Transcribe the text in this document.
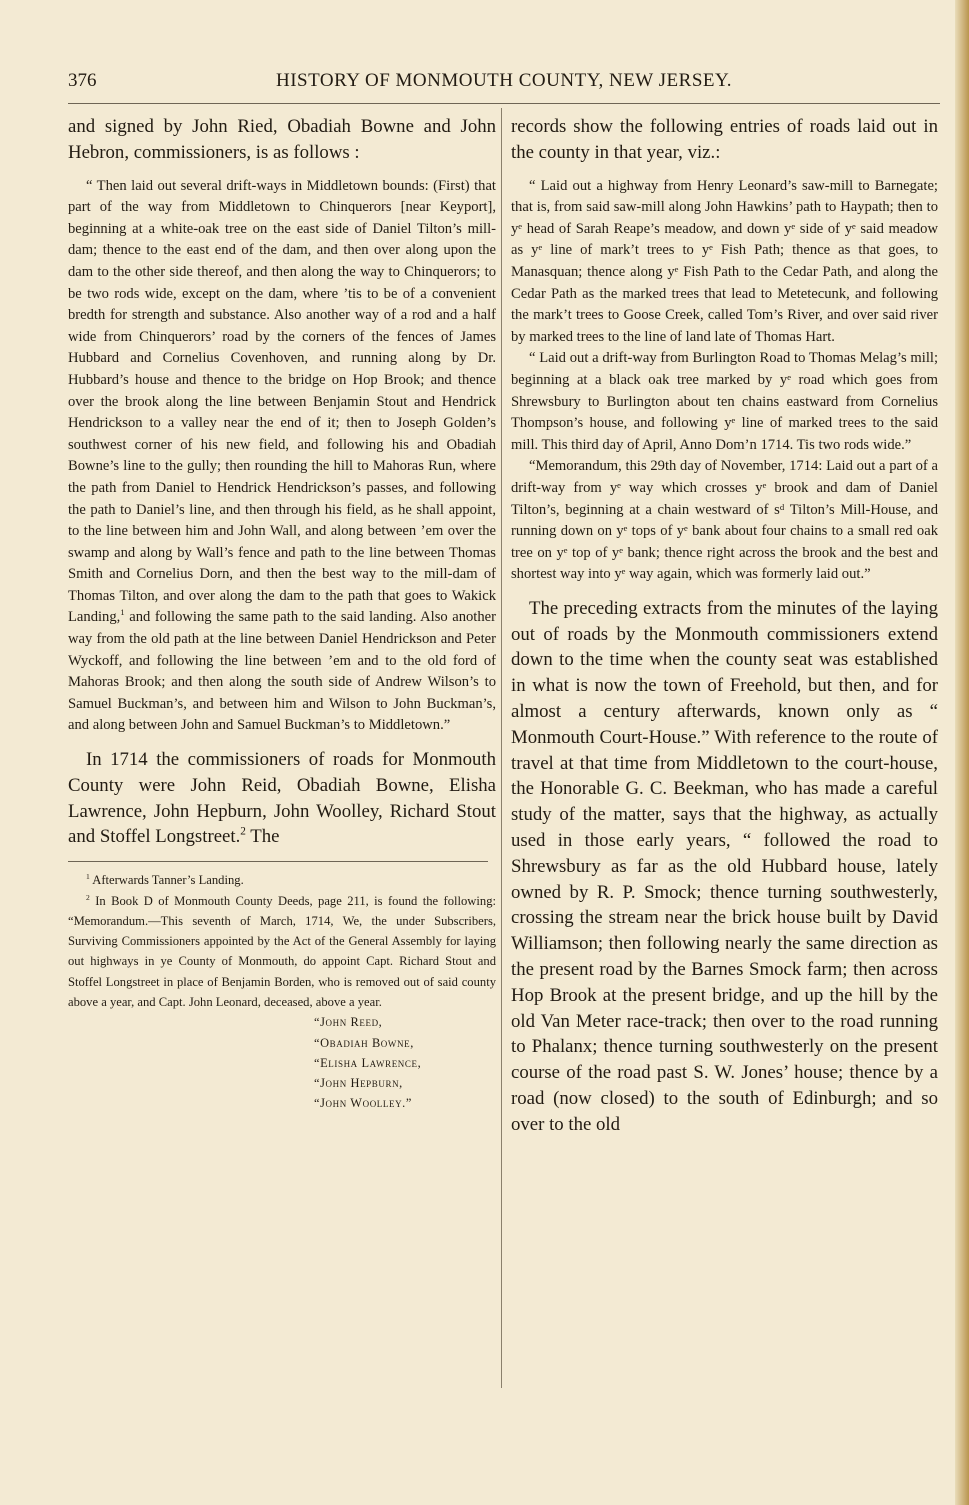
376	HISTORY OF MONMOUTH COUNTY, NEW JERSEY.

and signed by John Ried, Obadiah Bowne and John Hebron, commissioners, is as follows :

“ Then laid out several drift-ways in Middletown bounds: (First) that part of the way from Middletown to Chinquerors [near Keyport], beginning at a white-oak tree on the east side of Daniel Tilton’s mill-dam; thence to the east end of the dam, and then over along upon the dam to the other side thereof, and then along the way to Chinquerors; to be two rods wide, except on the dam, where ’tis to be of a convenient bredth for strength and substance. Also another way of a rod and a half wide from Chinquerors’ road by the corners of the fences of James Hubbard and Cornelius Covenhoven, and running along by Dr. Hubbard’s house and thence to the bridge on Hop Brook; and thence over the brook along the line between Benjamin Stout and Hendrick Hendrickson to a valley near the end of it; then to Joseph Golden’s southwest corner of his new field, and following his and Obadiah Bowne’s line to the gully; then rounding the hill to Mahoras Run, where the path from Daniel to Hendrick Hendrickson’s passes, and following the path to Daniel’s line, and then through his field, as he shall appoint, to the line between him and John Wall, and along between ’em over the swamp and along by Wall’s fence and path to the line between Thomas Smith and Cornelius Dorn, and then the best way to the mill-dam of Thomas Tilton, and over along the dam to the path that goes to Wakick Landing,$^1$ and following the same path to the said landing. Also another way from the old path at the line between Daniel Hendrickson and Peter Wyckoff, and following the line between ’em and to the old ford of Mahoras Brook; and then along the south side of Andrew Wilson’s to Samuel Buckman’s, and between him and Wilson to John Buckman’s, and along between John and Samuel Buckman’s to Middletown.”

In 1714 the commissioners of roads for Monmouth County were John Reid, Obadiah Bowne, Elisha Lawrence, John Hepburn, John Woolley, Richard Stout and Stoffel Longstreet.$^2$ The

$^1$ Afterwards Tanner’s Landing.

$^2$ In Book D of Monmouth County Deeds, page 211, is found the following: “Memorandum.—This seventh of March, 1714, We, the under Subscribers, Surviving Commissioners appointed by the Act of the General Assembly for laying out highways in ye County of Monmouth, do appoint Capt. Richard Stout and Stoffel Longstreet in place of Benjamin Borden, who is removed out of said county above a year, and Capt. John Leonard, deceased, above a year.

“John Reed,
“Obadiah Bowne,
“Elisha Lawrence,
“John Hepburn,
“John Woolley.”

records show the following entries of roads laid out in the county in that year, viz.:

“ Laid out a highway from Henry Leonard’s saw-mill to Barnegate; that is, from said saw-mill along John Hawkins’ path to Haypath; then to yᵉ head of Sarah Reape’s meadow, and down yᵉ side of yᵉ said meadow as yᵉ line of mark’t trees to yᵉ Fish Path; thence as that goes, to Manasquan; thence along yᵉ Fish Path to the Cedar Path, and along the Cedar Path as the marked trees that lead to Metetecunk, and following the mark’t trees to Goose Creek, called Tom’s River, and over said river by marked trees to the line of land late of Thomas Hart.

“ Laid out a drift-way from Burlington Road to Thomas Melag’s mill; beginning at a black oak tree marked by yᵉ road which goes from Shrewsbury to Burlington about ten chains eastward from Cornelius Thompson’s house, and following yᵉ line of marked trees to the said mill. This third day of April, Anno Dom’n 1714. Tis two rods wide.”

“Memorandum, this 29th day of November, 1714: Laid out a part of a drift-way from yᵉ way which crosses yᵉ brook and dam of Daniel Tilton’s, beginning at a chain westward of sᵈ Tilton’s Mill-House, and running down on yᵉ tops of yᵉ bank about four chains to a small red oak tree on yᵉ top of yᵉ bank; thence right across the brook and the best and shortest way into yᵉ way again, which was formerly laid out.”

The preceding extracts from the minutes of the laying out of roads by the Monmouth commissioners extend down to the time when the county seat was established in what is now the town of Freehold, but then, and for almost a century afterwards, known only as “ Monmouth Court-House.” With reference to the route of travel at that time from Middletown to the court-house, the Honorable G. C. Beekman, who has made a careful study of the matter, says that the highway, as actually used in those early years, “ followed the road to Shrewsbury as far as the old Hubbard house, lately owned by R. P. Smock; thence turning southwesterly, crossing the stream near the brick house built by David Williamson; then following nearly the same direction as the present road by the Barnes Smock farm; then across Hop Brook at the present bridge, and up the hill by the old Van Meter race-track; then over to the road running to Phalanx; thence turning southwesterly on the present course of the road past S. W. Jones’ house; thence by a road (now closed) to the south of Edinburgh; and so over to the old
